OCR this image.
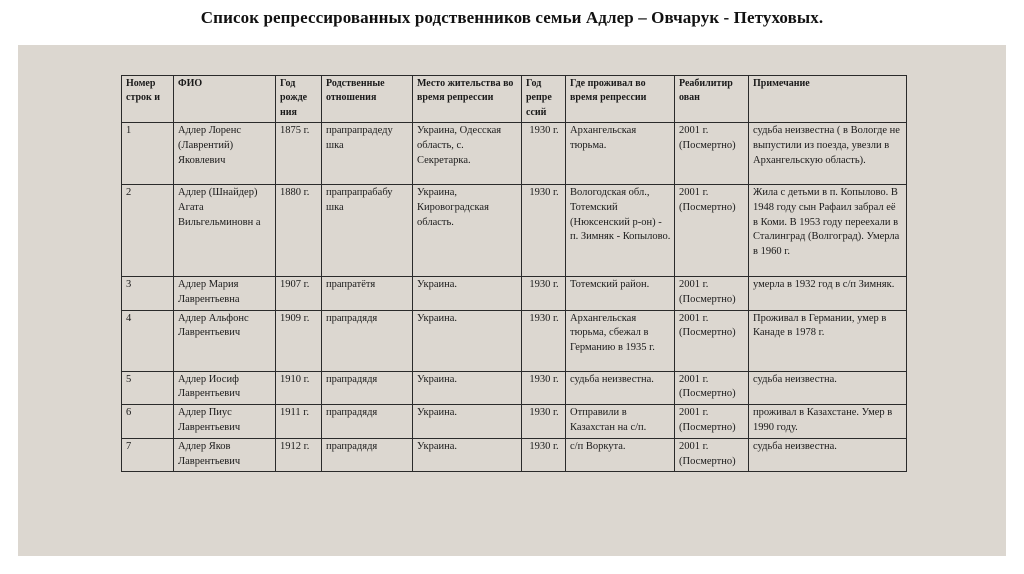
Список репрессированных родственников семьи Адлер – Овчарук - Петуховых.
Номер строк и	ФИО	Год рожде ния	Родственные отношения	Место жительства во время репрессии	Год репре ссий	Где проживал во время репрессии	Реабилитир ован	Примечание
1	Адлер Лоренс (Лаврентий) Яковлевич	1875 г.	прапрапрадеду шка	Украина, Одесская область, с. Секретарка.	1930 г.	Архангельская тюрьма.	2001 г. (Посмертно)	судьба неизвестна ( в Вологде не выпустили из поезда, увезли в Архангельскую область).
2	Адлер (Шнайдер) Агата Вильгельминовн а	1880 г.	прапрапрабабу шка	Украина, Кировоградская область.	1930 г.	Вологодская обл., Тотемский (Нюксенский р-он) - п. Зимняк - Копылово.	2001 г. (Посмертно)	Жила с детьми в п. Копылово. В 1948 году сын Рафаил забрал её в Коми. В 1953 году переехали в Сталинград (Волгоград). Умерла в 1960 г.
3	Адлер Мария Лаврентьевна	1907 г.	прапратётя	Украина.	1930 г.	Тотемский район.	2001 г. (Посмертно)	умерла в 1932 год в с/п Зимняк.
4	Адлер Альфонс Лаврентьевич	1909 г.	прапрадядя	Украина.	1930 г.	Архангельская тюрьма, сбежал в Германию в 1935 г.	2001 г. (Посмертно)	Проживал в Германии, умер в Канаде в 1978 г.
5	Адлер Иосиф Лаврентьевич	1910 г.	прапрадядя	Украина.	1930 г.	судьба неизвестна.	2001 г. (Посмертно)	судьба неизвестна.
6	Адлер Пиус Лаврентьевич	1911 г.	прапрадядя	Украина.	1930 г.	Отправили в Казахстан на с/п.	2001 г. (Посмертно)	проживал в Казахстане. Умер в 1990 году.
7	Адлер Яков Лаврентьевич	1912 г.	прапрадядя	Украина.	1930 г.	с/п Воркута.	2001 г. (Посмертно)	судьба неизвестна.
